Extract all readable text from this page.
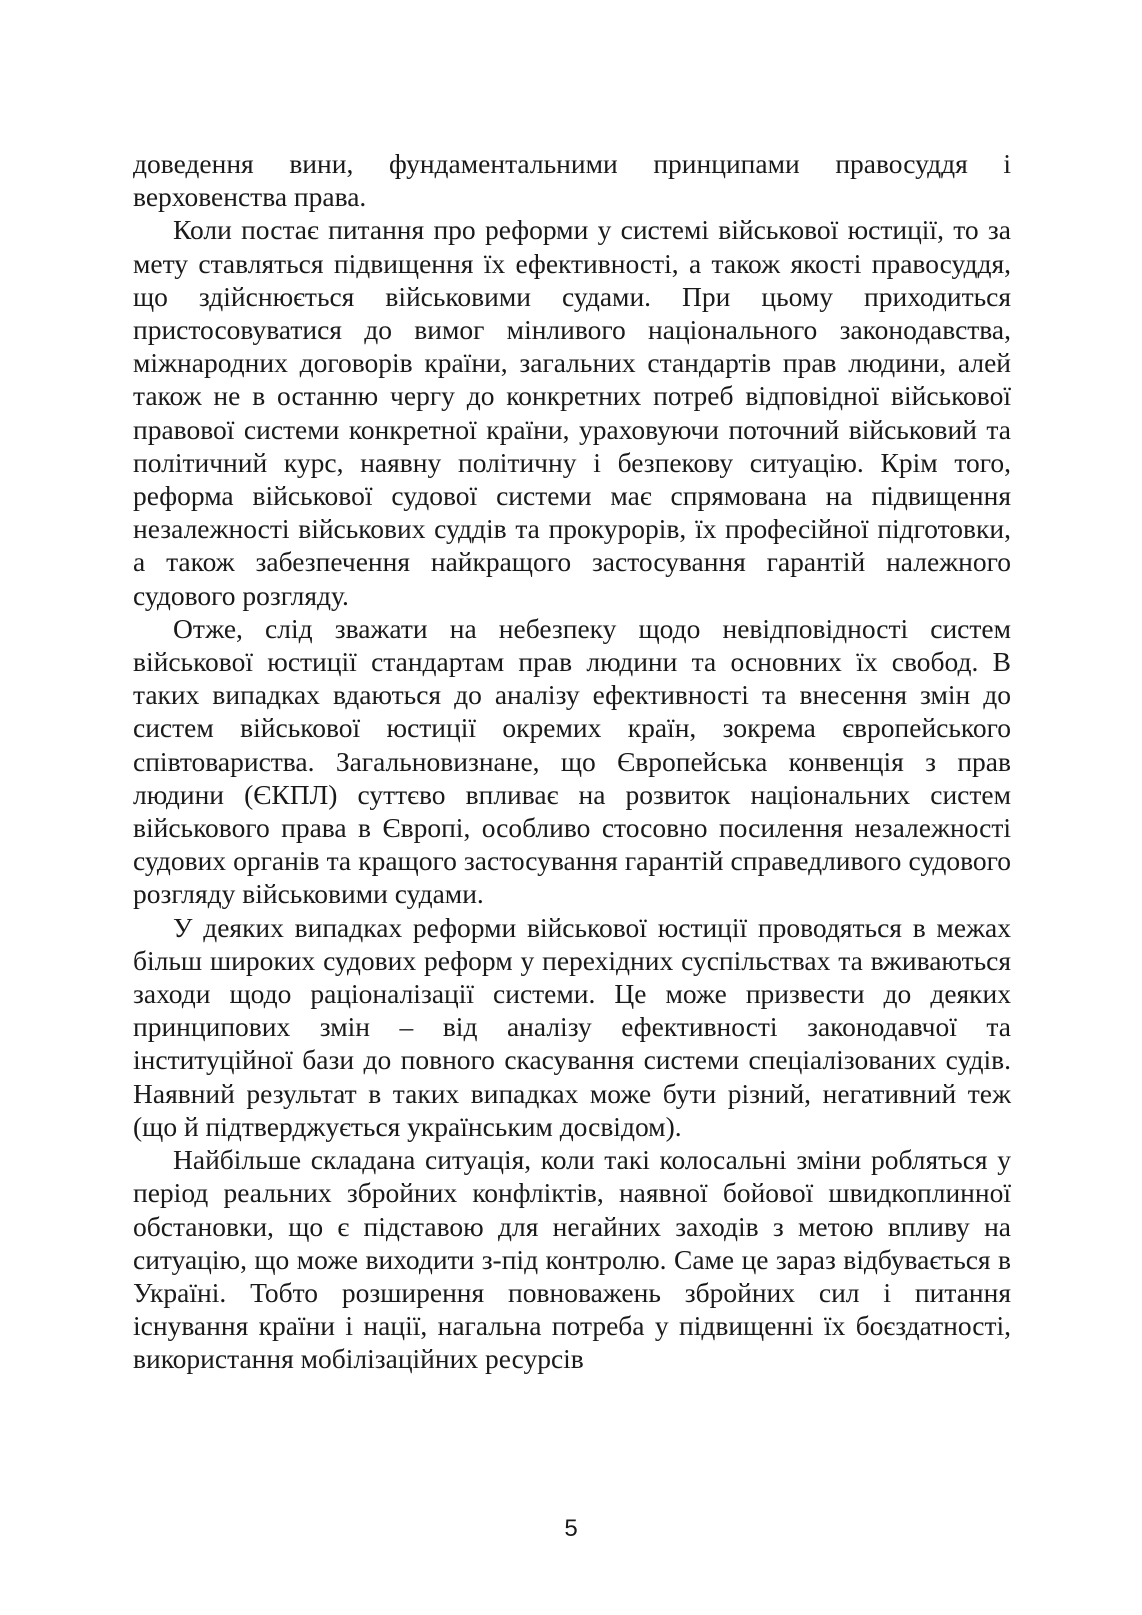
доведення вини, фундаментальними принципами правосуддя і верховенства права.

Коли постає питання про реформи у системі військової юстиції, то за мету ставляться підвищення їх ефективності, а також якості правосуддя, що здійснюється військовими судами. При цьому приходиться пристосовуватися до вимог мінливого національного законодавства, міжнародних договорів країни, загальних стандартів прав людини, алей також не в останню чергу до конкретних потреб відповідної військової правової системи конкретної країни, ураховуючи поточний військовий та політичний курс, наявну політичну і безпекову ситуацію. Крім того, реформа військової судової системи має спрямована на підвищення незалежності військових суддів та прокурорів, їх професійної підготовки, а також забезпечення найкращого застосування гарантій належного судового розгляду.

Отже, слід зважати на небезпеку щодо невідповідності систем військової юстиції стандартам прав людини та основних їх свобод. В таких випадках вдаються до аналізу ефективності та внесення змін до систем військової юстиції окремих країн, зокрема європейського співтовариства. Загальновизнане, що Європейська конвенція з прав людини (ЄКПЛ) суттєво впливає на розвиток національних систем військового права в Європі, особливо стосовно посилення незалежності судових органів та кращого застосування гарантій справедливого судового розгляду військовими судами.

У деяких випадках реформи військової юстиції проводяться в межах більш широких судових реформ у перехідних суспільствах та вживаються заходи щодо раціоналізації системи. Це може призвести до деяких принципових змін – від аналізу ефективності законодавчої та інституційної бази до повного скасування системи спеціалізованих судів. Наявний результат в таких випадках може бути різний, негативний теж (що й підтверджується українським досвідом).

Найбільше складана ситуація, коли такі колосальні зміни робляться у період реальних збройних конфліктів, наявної бойової швидкоплинної обстановки, що є підставою для негайних заходів з метою впливу на ситуацію, що може виходити з-під контролю. Саме це зараз відбувається в Україні. Тобто розширення повноважень збройних сил і питання існування країни і нації, нагальна потреба у підвищенні їх боєздатності, використання мобілізаційних ресурсів

5
